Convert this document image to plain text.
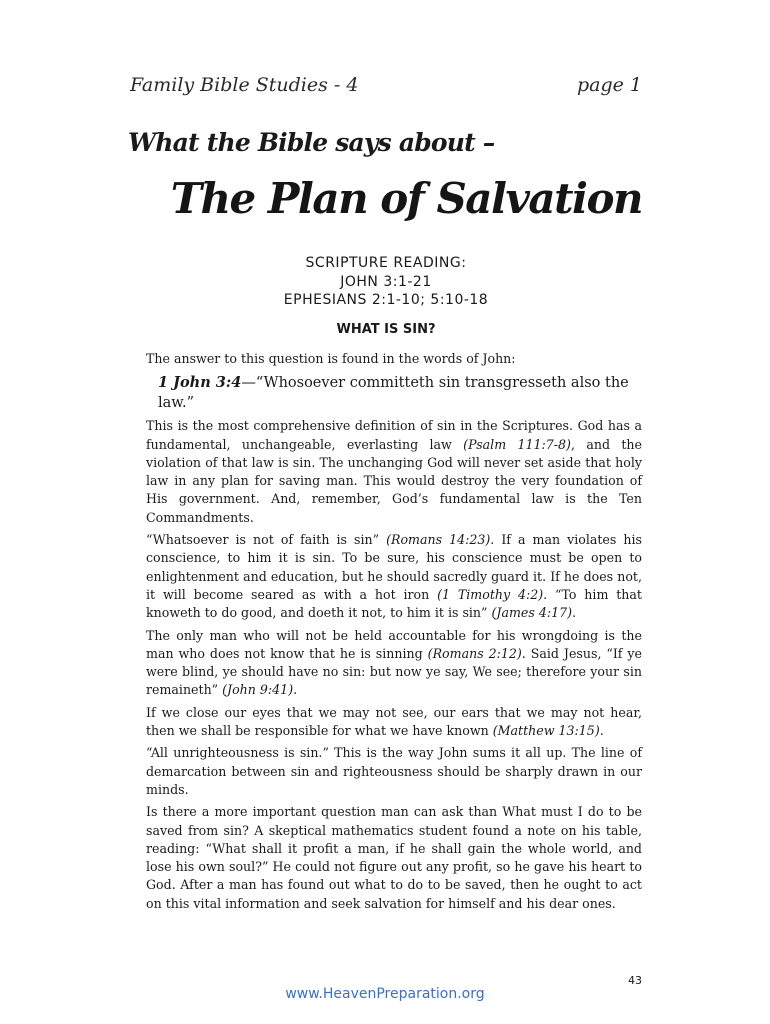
Family Bible Studies - 4	page 1
What the Bible says about –
The Plan of Salvation
SCRIPTURE READING:
JOHN 3:1-21
EPHESIANS 2:1-10; 5:10-18
WHAT IS SIN?

The answer to this question is found in the words of John:

1 John 3:4—“Whosoever committeth sin transgresseth also the law.”

This is the most comprehensive definition of sin in the Scriptures. God has a fundamental, unchangeable, everlasting law (Psalm 111:7-8), and the violation of that law is sin. The unchanging God will never set aside that holy law in any plan for saving man. This would destroy the very foundation of His government. And, remember, God’s fundamental law is the Ten Commandments.

“Whatsoever is not of faith is sin” (Romans 14:23). If a man violates his conscience, to him it is sin. To be sure, his conscience must be open to enlightenment and education, but he should sacredly guard it. If he does not, it will become seared as with a hot iron (1 Timothy 4:2). “To him that knoweth to do good, and doeth it not, to him it is sin” (James 4:17).

The only man who will not be held accountable for his wrongdoing is the man who does not know that he is sinning (Romans 2:12). Said Jesus, “If ye were blind, ye should have no sin: but now ye say, We see; therefore your sin remaineth” (John 9:41).

If we close our eyes that we may not see, our ears that we may not hear, then we shall be responsible for what we have known (Matthew 13:15).

“All unrighteousness is sin.” This is the way John sums it all up. The line of demarcation between sin and righteousness should be sharply drawn in our minds.

Is there a more important question man can ask than What must I do to be saved from sin? A skeptical mathematics student found a note on his table, reading: “What shall it profit a man, if he shall gain the whole world, and lose his own soul?” He could not figure out any profit, so he gave his heart to God. After a man has found out what to do to be saved, then he ought to act on this vital information and seek salvation for himself and his dear ones.

43
www.HeavenPreparation.org
